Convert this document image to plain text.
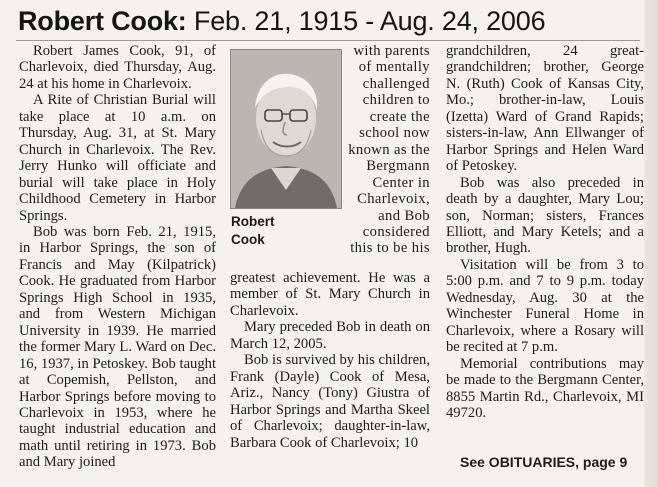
Robert Cook: Feb. 21, 1915 - Aug. 24, 2006

Robert James Cook, 91, of Charlevoix, died Thursday, Aug. 24 at his home in Charlevoix.

A Rite of Christian Burial will take place at 10 a.m. on Thursday, Aug. 31, at St. Mary Church in Charlevoix. The Rev. Jerry Hunko will officiate and burial will take place in Holy Childhood Cemetery in Harbor Springs.

Bob was born Feb. 21, 1915, in Harbor Springs, the son of Francis and May (Kilpatrick) Cook. He graduated from Harbor Springs High School in 1935, and from Western Michigan University in 1939. He married the former Mary L. Ward on Dec. 16, 1937, in Petoskey. Bob taught at Copemish, Pellston, and Harbor Springs before moving to Charlevoix in 1953, where he taught industrial education and math until retiring in 1973. Bob and Mary joined

Robert
Cook

with parents of mentally challenged children to create the school now known as the Bergmann Center in Charlevoix, and Bob considered this to be his

greatest achievement. He was a member of St. Mary Church in Charlevoix.

Mary preceded Bob in death on March 12, 2005.

Bob is survived by his children, Frank (Dayle) Cook of Mesa, Ariz., Nancy (Tony) Giustra of Harbor Springs and Martha Skeel of Charlevoix; daughter-in-law, Barbara Cook of Charlevoix; 10

grandchildren, 24 great-grandchildren; brother, George N. (Ruth) Cook of Kansas City, Mo.; brother-in-law, Louis (Izetta) Ward of Grand Rapids; sisters-in-law, Ann Ellwanger of Harbor Springs and Helen Ward of Petoskey.

Bob was also preceded in death by a daughter, Mary Lou; son, Norman; sisters, Frances Elliott, and Mary Ketels; and a brother, Hugh.

Visitation will be from 3 to 5:00 p.m. and 7 to 9 p.m. today Wednesday, Aug. 30 at the Winchester Funeral Home in Charlevoix, where a Rosary will be recited at 7 p.m.

Memorial contributions may be made to the Bergmann Center, 8855 Martin Rd., Charlevoix, MI 49720.

See OBITUARIES, page 9
